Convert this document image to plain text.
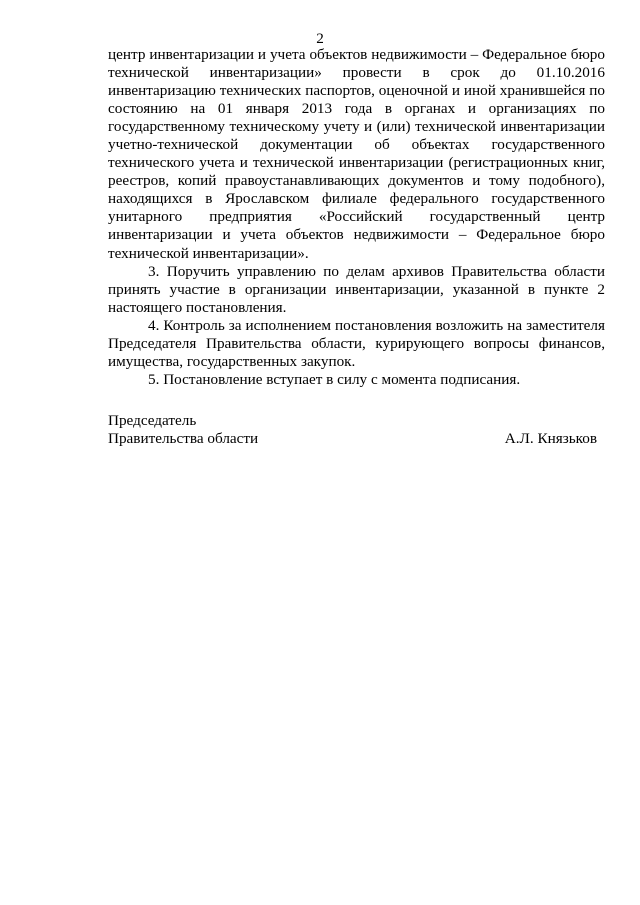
2

центр инвентаризации и учета объектов недвижимости – Федеральное бюро технической инвентаризации» провести в срок до 01.10.2016 инвентаризацию технических паспортов, оценочной и иной хранившейся по состоянию на 01 января 2013 года в органах и организациях по государственному техническому учету и (или) технической инвентаризации учетно-технической документации об объектах государственного технического учета и технической инвентаризации (регистрационных книг, реестров, копий правоустанавливающих документов и тому подобного), находящихся в Ярославском филиале федерального государственного унитарного предприятия «Российский государственный центр инвентаризации и учета объектов недвижимости – Федеральное бюро технической инвентаризации».

3. Поручить управлению по делам архивов Правительства области принять участие в организации инвентаризации, указанной в пункте 2 настоящего постановления.

4. Контроль за исполнением постановления возложить на заместителя Председателя Правительства области, курирующего вопросы финансов, имущества, государственных закупок.

5. Постановление вступает в силу с момента подписания.

Председатель

Правительства области	А.Л. Князьков
